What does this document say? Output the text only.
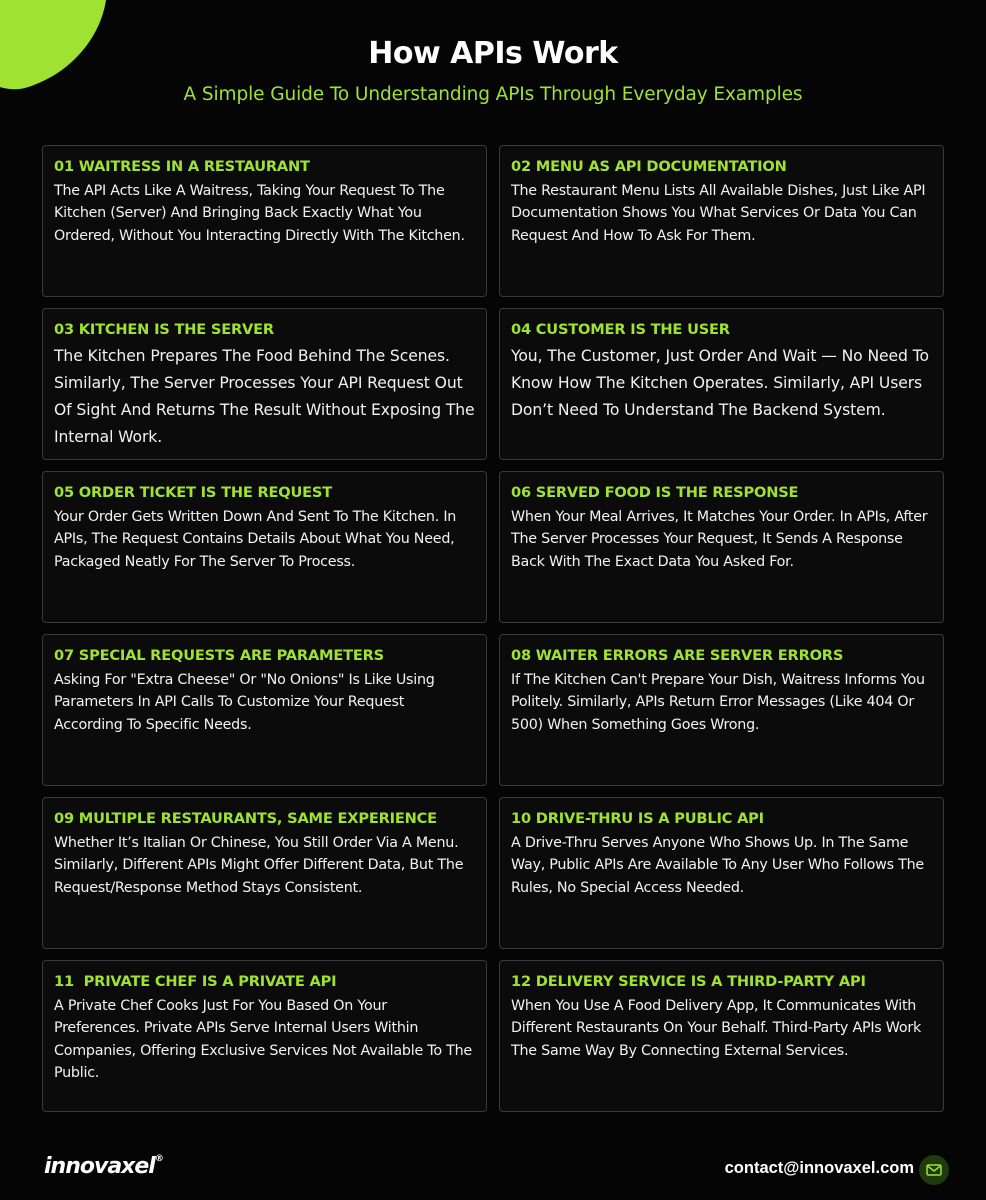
How APIs Work
A Simple Guide To Understanding APIs Through Everyday Examples
01 WAITRESS IN A RESTAURANT
The API Acts Like A Waitress, Taking Your Request To The Kitchen (Server) And Bringing Back Exactly What You Ordered, Without You Interacting Directly With The Kitchen.
02 MENU AS API DOCUMENTATION
The Restaurant Menu Lists All Available Dishes, Just Like API Documentation Shows You What Services Or Data You Can Request And How To Ask For Them.
03 KITCHEN IS THE SERVER
The Kitchen Prepares The Food Behind The Scenes. Similarly, The Server Processes Your API Request Out Of Sight And Returns The Result Without Exposing The Internal Work.
04 CUSTOMER IS THE USER
You, The Customer, Just Order And Wait — No Need To Know How The Kitchen Operates. Similarly, API Users Don’t Need To Understand The Backend System.
05 ORDER TICKET IS THE REQUEST
Your Order Gets Written Down And Sent To The Kitchen. In APIs, The Request Contains Details About What You Need, Packaged Neatly For The Server To Process.
06 SERVED FOOD IS THE RESPONSE
When Your Meal Arrives, It Matches Your Order. In APIs, After The Server Processes Your Request, It Sends A Response Back With The Exact Data You Asked For.
07 SPECIAL REQUESTS ARE PARAMETERS
Asking For "Extra Cheese" Or "No Onions" Is Like Using Parameters In API Calls To Customize Your Request According To Specific Needs.
08 WAITER ERRORS ARE SERVER ERRORS
If The Kitchen Can't Prepare Your Dish, Waitress Informs You Politely. Similarly, APIs Return Error Messages (Like 404 Or 500) When Something Goes Wrong.
09 MULTIPLE RESTAURANTS, SAME EXPERIENCE
Whether It’s Italian Or Chinese, You Still Order Via A Menu. Similarly, Different APIs Might Offer Different Data, But The Request/Response Method Stays Consistent.
10 DRIVE-THRU IS A PUBLIC API
A Drive-Thru Serves Anyone Who Shows Up. In The Same Way, Public APIs Are Available To Any User Who Follows The Rules, No Special Access Needed.
11  PRIVATE CHEF IS A PRIVATE API
A Private Chef Cooks Just For You Based On Your Preferences. Private APIs Serve Internal Users Within Companies, Offering Exclusive Services Not Available To The Public.
12 DELIVERY SERVICE IS A THIRD-PARTY API
When You Use A Food Delivery App, It Communicates With Different Restaurants On Your Behalf. Third-Party APIs Work The Same Way By Connecting External Services.
innovaxel®	contact@innovaxel.com
